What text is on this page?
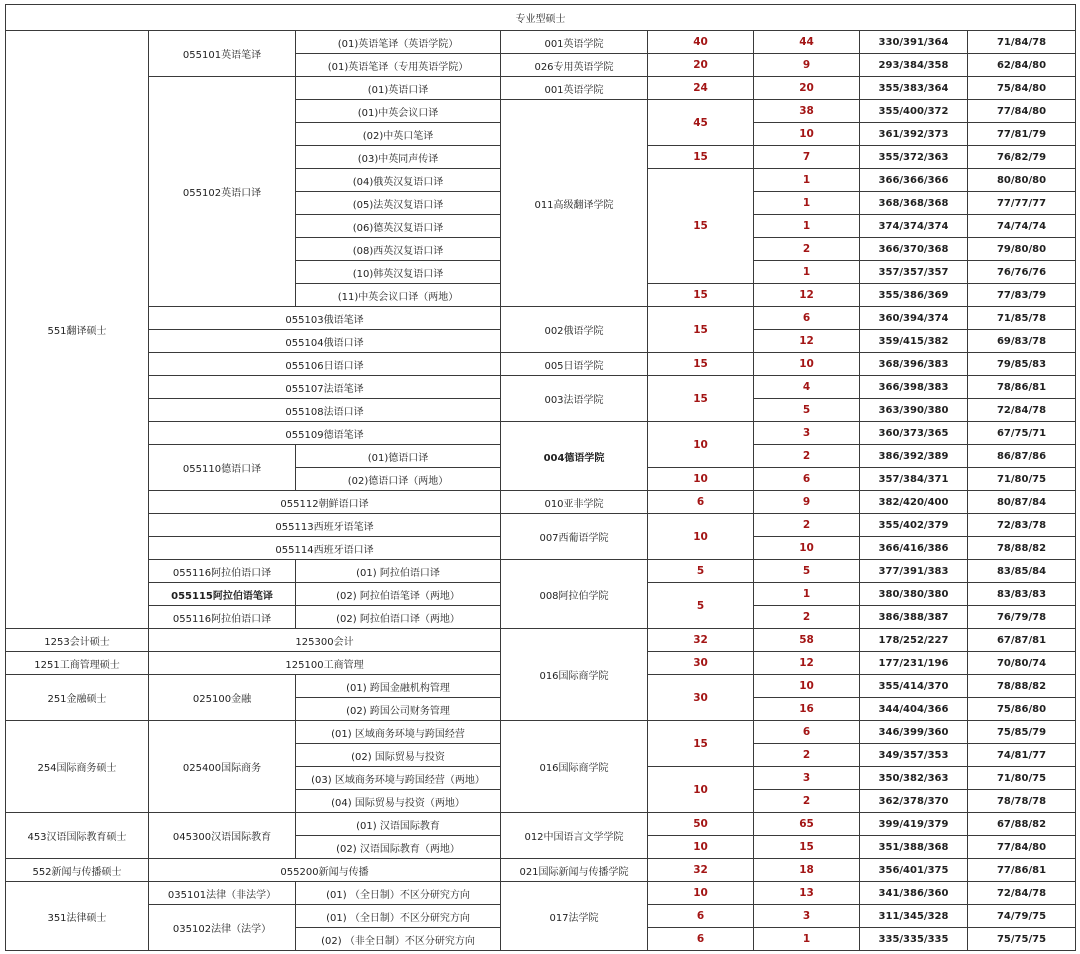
专业型硕士							
551翻译硕士	055101英语笔译	(01)英语笔译（英语学院）	001英语学院	40	44	330/391/364	71/84/78
		(01)英语笔译（专用英语学院）	026专用英语学院	20	9	293/384/358	62/84/80
	055102英语口译	(01)英语口译	001英语学院	24	20	355/383/364	75/84/80
		(01)中英会议口译	011高级翻译学院	45	38	355/400/372	77/84/80
		(02)中英口笔译			10	361/392/373	77/81/79
		(03)中英同声传译		15	7	355/372/363	76/82/79
		(04)俄英汉复语口译		15	1	366/366/366	80/80/80
		(05)法英汉复语口译			1	368/368/368	77/77/77
		(06)德英汉复语口译			1	374/374/374	74/74/74
		(08)西英汉复语口译			2	366/370/368	79/80/80
		(10)韩英汉复语口译			1	357/357/357	76/76/76
		(11)中英会议口译（两地）		15	12	355/386/369	77/83/79
	055103俄语笔译		002俄语学院	15	6	360/394/374	71/85/78
	055104俄语口译				12	359/415/382	69/83/78
	055106日语口译		005日语学院	15	10	368/396/383	79/85/83
	055107法语笔译		003法语学院	15	4	366/398/383	78/86/81
	055108法语口译				5	363/390/380	72/84/78
	055109德语笔译		004德语学院	10	3	360/373/365	67/75/71
	055110德语口译	(01)德语口译			2	386/392/389	86/87/86
		(02)德语口译（两地）		10	6	357/384/371	71/80/75
	055112朝鲜语口译		010亚非学院	6	9	382/420/400	80/87/84
	055113西班牙语笔译		007西葡语学院	10	2	355/402/379	72/83/78
	055114西班牙语口译				10	366/416/386	78/88/82
	055116阿拉伯语口译	(01) 阿拉伯语口译	008阿拉伯学院	5	5	377/391/383	83/85/84
	055115阿拉伯语笔译	(02) 阿拉伯语笔译（两地）		5	1	380/380/380	83/83/83
	055116阿拉伯语口译	(02) 阿拉伯语口译（两地）			2	386/388/387	76/79/78
1253会计硕士	125300会计		016国际商学院	32	58	178/252/227	67/87/81
1251工商管理硕士	125100工商管理			30	12	177/231/196	70/80/74
251金融硕士	025100金融	(01) 跨国金融机构管理		30	10	355/414/370	78/88/82
		(02) 跨国公司财务管理			16	344/404/366	75/86/80
254国际商务硕士	025400国际商务	(01) 区域商务环境与跨国经营	016国际商学院	15	6	346/399/360	75/85/79
		(02) 国际贸易与投资			2	349/357/353	74/81/77
		(03) 区域商务环境与跨国经营（两地）		10	3	350/382/363	71/80/75
		(04) 国际贸易与投资（两地）			2	362/378/370	78/78/78
453汉语国际教育硕士	045300汉语国际教育	(01) 汉语国际教育	012中国语言文学学院	50	65	399/419/379	67/88/82
		(02) 汉语国际教育（两地）		10	15	351/388/368	77/84/80
552新闻与传播硕士	055200新闻与传播		021国际新闻与传播学院	32	18	356/401/375	77/86/81
351法律硕士	035101法律（非法学）	(01) （全日制）不区分研究方向	017法学院	10	13	341/386/360	72/84/78
	035102法律（法学）	(01) （全日制）不区分研究方向		6	3	311/345/328	74/79/75
		(02) （非全日制）不区分研究方向		6	1	335/335/335	75/75/75
